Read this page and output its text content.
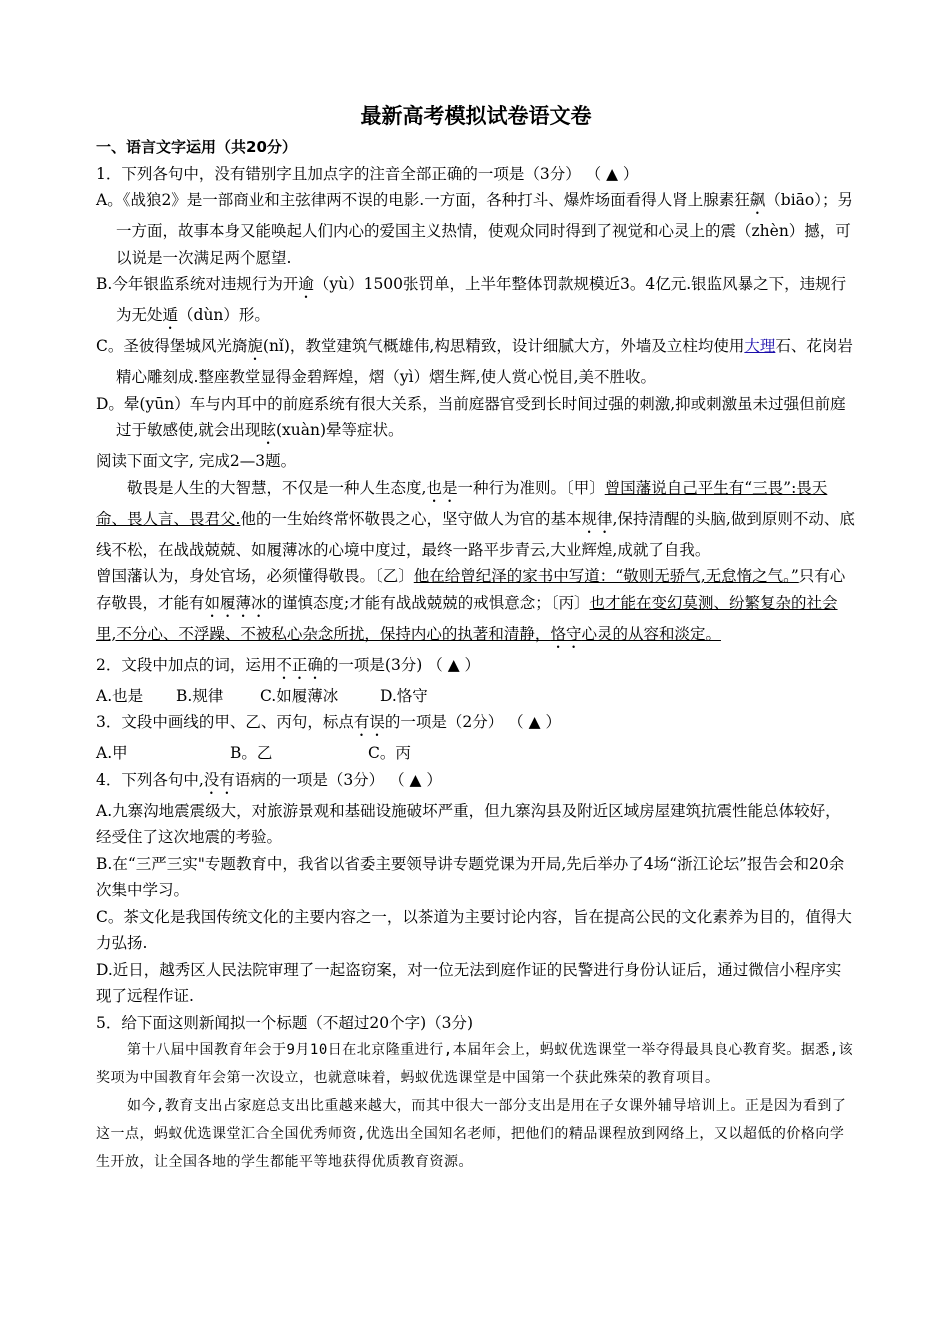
最新高考模拟试卷语文卷

一、语言文字运用（共20分）

1．下列各句中，没有错别字且加点字的注音全部正确的一项是（3分） （ ▲ ）

A。《战狼2》是一部商业和主弦律两不误的电影.一方面，各种打斗、爆炸场面看得人肾上腺素狂飙（biāo）；另一方面，故事本身又能唤起人们内心的爱国主义热情，使观众同时得到了视觉和心灵上的震（zhèn）撼，可以说是一次满足两个愿望.

B.今年银监系统对违规行为开逾（yù）1500张罚单，上半年整体罚款规模近3。4亿元.银监风暴之下，违规行为无处遁（dùn）形。

C。圣彼得堡城风光旖旎(nǐ)，教堂建筑气概雄伟,构思精致，设计细腻大方，外墙及立柱均使用大理石、花岗岩精心雕刻成.整座教堂显得金碧辉煌，熠（yì）熠生辉,使人赏心悦目,美不胜收。

D。晕(yūn）车与内耳中的前庭系统有很大关系，当前庭器官受到长时间过强的刺激,抑或刺激虽未过强但前庭过于敏感使,就会出现眩(xuàn)晕等症状。

阅读下面文字, 完成2—3题。

敬畏是人生的大智慧，不仅是一种人生态度,也是一种行为准则。〔甲〕曾国藩说自己平生有“三畏”:畏天命、畏人言、畏君父.他的一生始终常怀敬畏之心，坚守做人为官的基本规律,保持清醒的头脑,做到原则不动、底线不松，在战战兢兢、如履薄冰的心境中度过，最终一路平步青云,大业辉煌,成就了自我。

曾国藩认为，身处官场，必须懂得敬畏。〔乙〕他在给曾纪泽的家书中写道：“敬则无骄气,无怠惰之气。”只有心存敬畏，才能有如履薄冰的谨慎态度;才能有战战兢兢的戒惧意念；〔丙〕也才能在变幻莫测、纷繁复杂的社会里,不分心、不浮躁、不被私心杂念所扰，保持内心的执著和清静，恪守心灵的从容和淡定。

2．文段中加点的词，运用不正确的一项是(3分) （ ▲ ）

A.也是	B.规律	C.如履薄冰	D.恪守

3．文段中画线的甲、乙、丙句，标点有误的一项是（2分） （ ▲ ）

A.甲	B。乙	C。丙

4．下列各句中,没有语病的一项是（3分） （ ▲ ）

A.九寨沟地震震级大，对旅游景观和基础设施破坏严重，但九寨沟县及附近区域房屋建筑抗震性能总体较好，经受住了这次地震的考验。

B.在“三严三实"专题教育中，我省以省委主要领导讲专题党课为开局,先后举办了4场“浙江论坛”报告会和20余次集中学习。

C。茶文化是我国传统文化的主要内容之一，以茶道为主要讨论内容，旨在提高公民的文化素养为目的，值得大力弘扬.

D.近日，越秀区人民法院审理了一起盗窃案，对一位无法到庭作证的民警进行身份认证后，通过微信小程序实现了远程作证.

5．给下面这则新闻拟一个标题（不超过20个字)（3分)

第十八届中国教育年会于9月10日在北京隆重进行,本届年会上，蚂蚁优选课堂一举夺得最具良心教育奖。据悉,该奖项为中国教育年会第一次设立，也就意味着，蚂蚁优选课堂是中国第一个获此殊荣的教育项目。

如今,教育支出占家庭总支出比重越来越大，而其中很大一部分支出是用在子女课外辅导培训上。正是因为看到了这一点，蚂蚁优选课堂汇合全国优秀师资,优选出全国知名老师，把他们的精品课程放到网络上，又以超低的价格向学生开放，让全国各地的学生都能平等地获得优质教育资源。
